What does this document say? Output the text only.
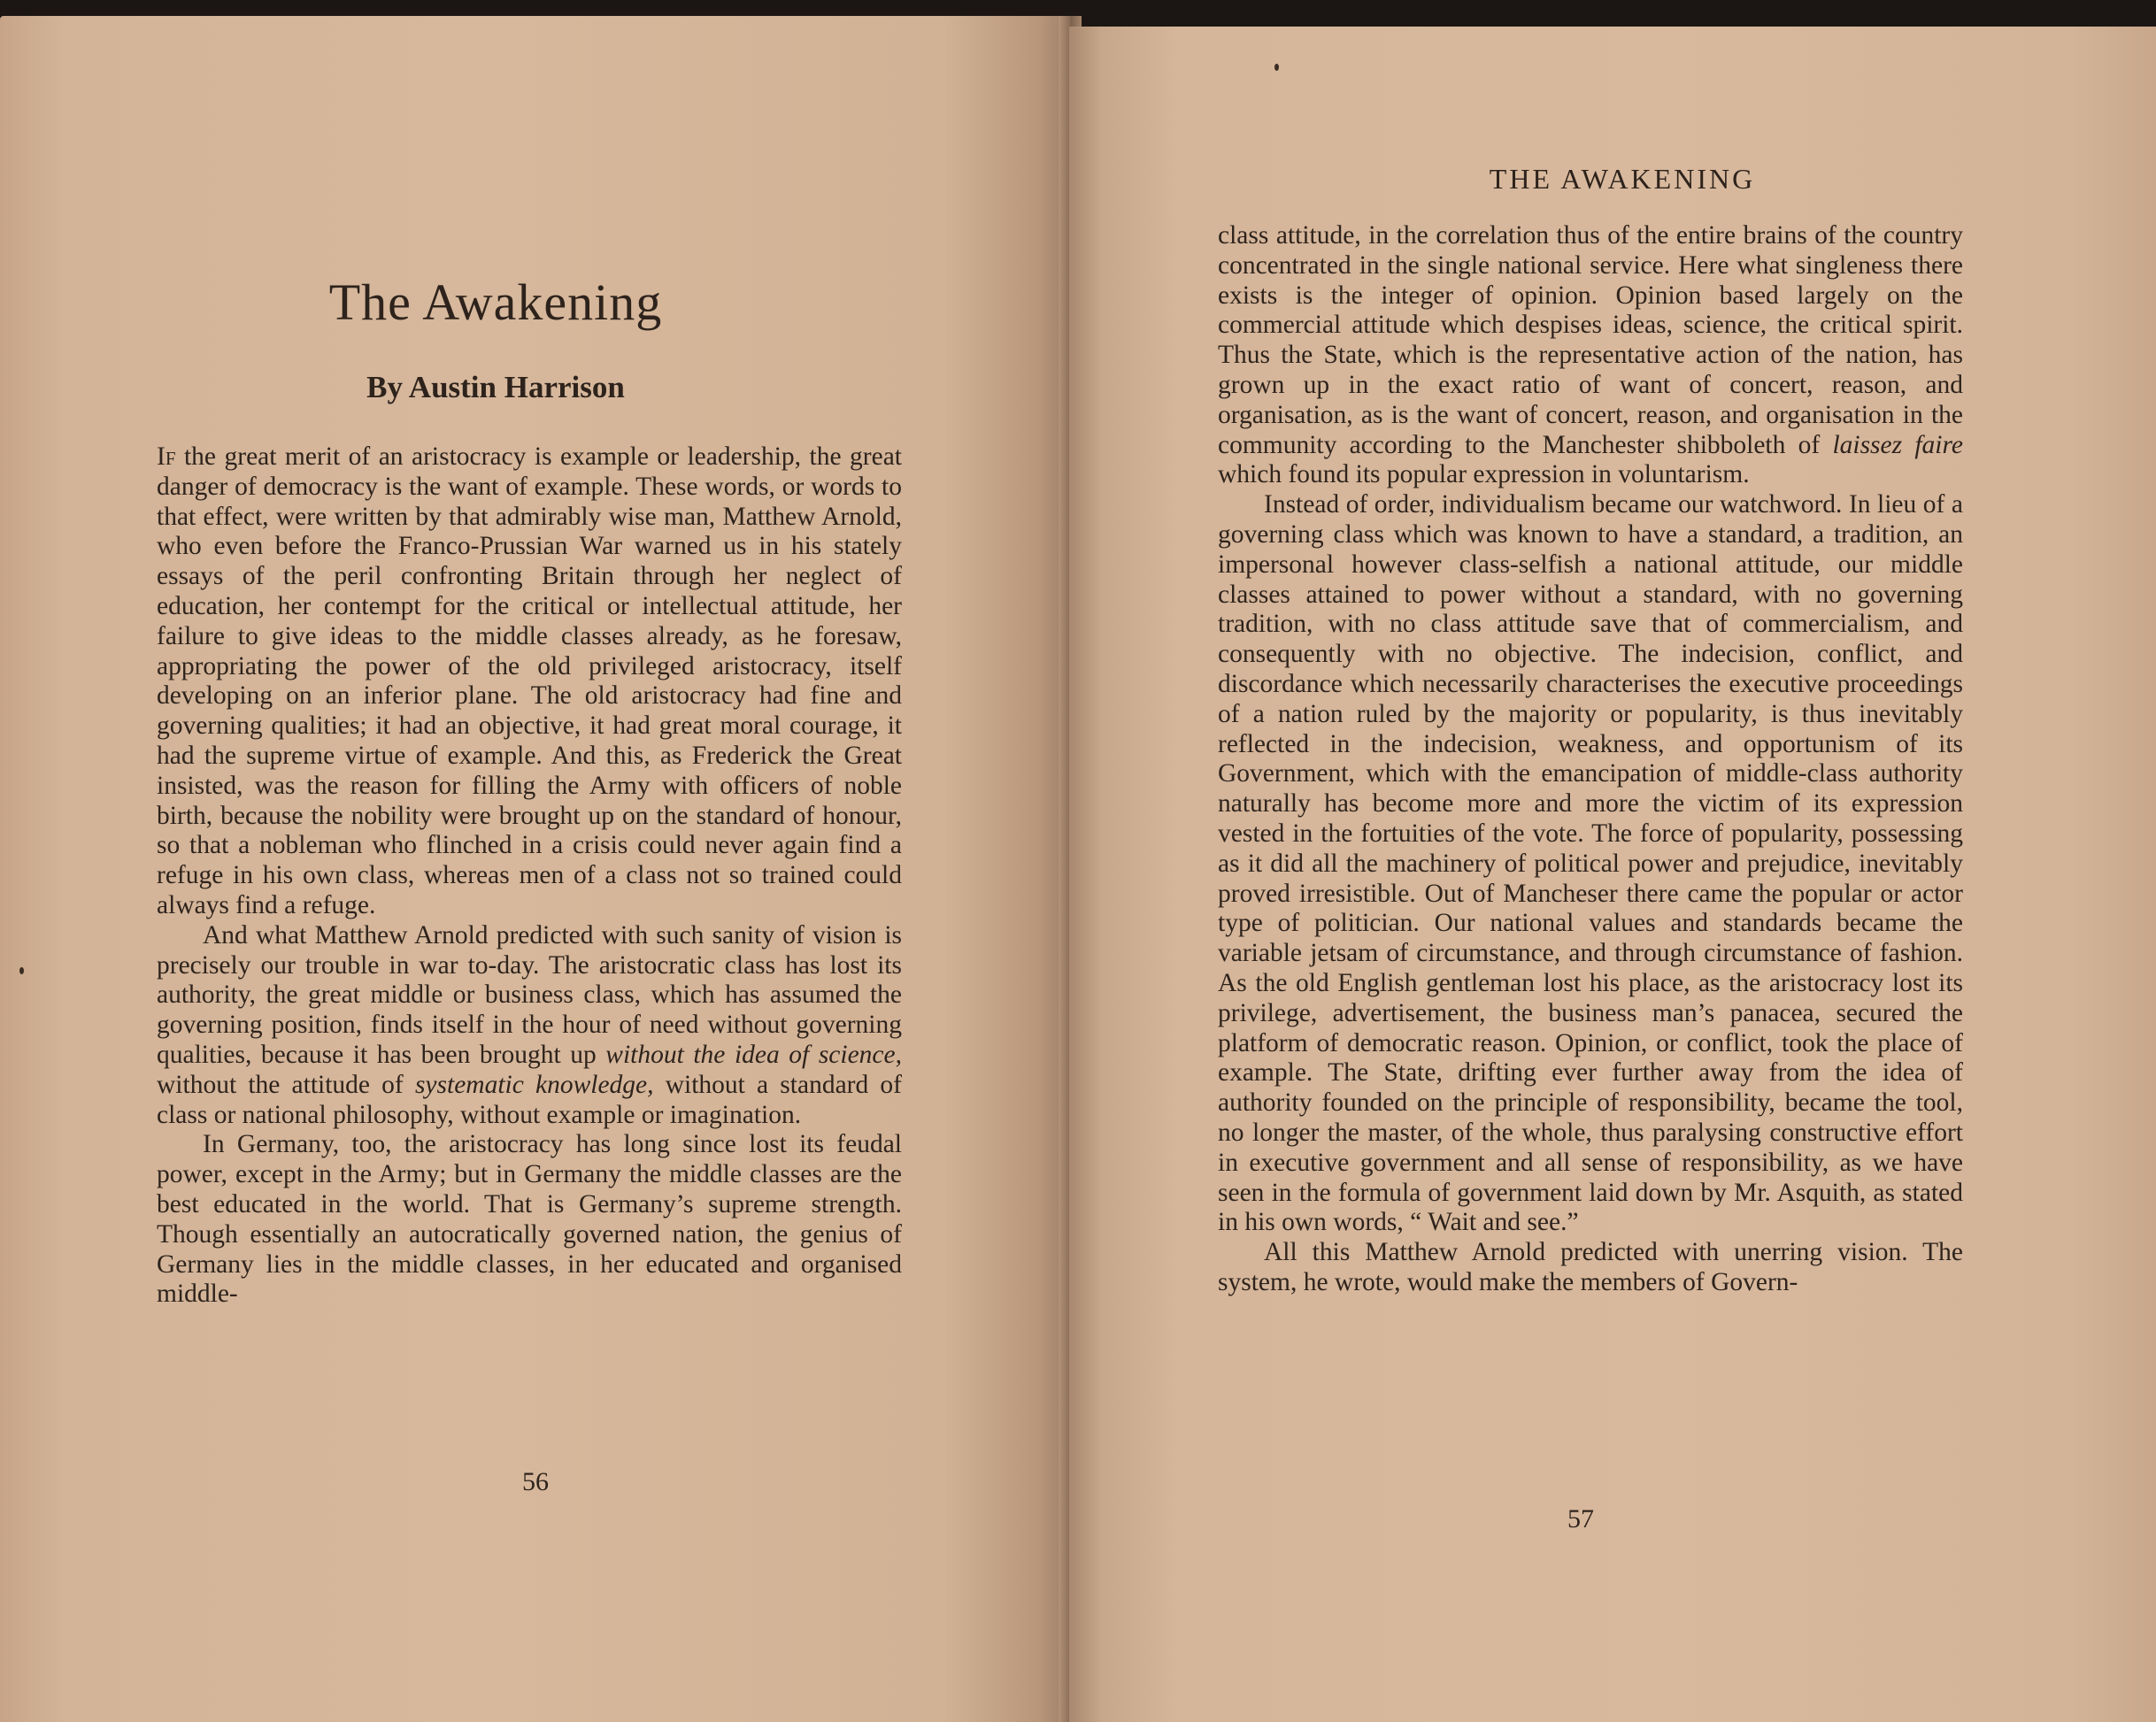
The Awakening
By Austin Harrison

If the great merit of an aristocracy is example or leadership, the great danger of democracy is the want of example. These words, or words to that effect, were written by that admirably wise man, Matthew Arnold, who even before the Franco-Prussian War warned us in his stately essays of the peril confronting Britain through her neglect of education, her contempt for the critical or intellectual attitude, her failure to give ideas to the middle classes already, as he foresaw, appropriating the power of the old privileged aristocracy, itself developing on an inferior plane. The old aristocracy had fine and governing qualities; it had an objective, it had great moral courage, it had the supreme virtue of example. And this, as Frederick the Great insisted, was the reason for filling the Army with officers of noble birth, because the nobility were brought up on the standard of honour, so that a nobleman who flinched in a crisis could never again find a refuge in his own class, whereas men of a class not so trained could always find a refuge.

And what Matthew Arnold predicted with such sanity of vision is precisely our trouble in war to-day. The aristocratic class has lost its authority, the great middle or business class, which has assumed the governing position, finds itself in the hour of need without governing qualities, because it has been brought up without the idea of science, without the attitude of systematic knowledge, without a standard of class or national philosophy, without example or imagination.

In Germany, too, the aristocracy has long since lost its feudal power, except in the Army; but in Germany the middle classes are the best educated in the world. That is Germany’s supreme strength. Though essentially an autocratically governed nation, the genius of Germany lies in the middle classes, in her educated and organised middle-

56
THE AWAKENING

class attitude, in the correlation thus of the entire brains of the country concentrated in the single national service. Here what singleness there exists is the integer of opinion. Opinion based largely on the commercial attitude which despises ideas, science, the critical spirit. Thus the State, which is the representative action of the nation, has grown up in the exact ratio of want of concert, reason, and organisation, as is the want of concert, reason, and organisation in the community according to the Manchester shibboleth of laissez faire which found its popular expression in voluntarism.

Instead of order, individualism became our watchword. In lieu of a governing class which was known to have a standard, a tradition, an impersonal however class-selfish a national attitude, our middle classes attained to power without a standard, with no governing tradition, with no class attitude save that of commercialism, and consequently with no objective. The indecision, conflict, and discordance which necessarily characterises the executive proceedings of a nation ruled by the majority or popularity, is thus inevitably reflected in the indecision, weakness, and opportunism of its Government, which with the emancipation of middle-class authority naturally has become more and more the victim of its expression vested in the fortuities of the vote. The force of popularity, possessing as it did all the machinery of political power and prejudice, inevitably proved irresistible. Out of Mancheser there came the popular or actor type of politician. Our national values and standards became the variable jetsam of circumstance, and through circumstance of fashion. As the old English gentleman lost his place, as the aristocracy lost its privilege, advertisement, the business man’s panacea, secured the platform of democratic reason. Opinion, or conflict, took the place of example. The State, drifting ever further away from the idea of authority founded on the principle of responsibility, became the tool, no longer the master, of the whole, thus paralysing constructive effort in executive government and all sense of responsibility, as we have seen in the formula of government laid down by Mr. Asquith, as stated in his own words, “ Wait and see.”

All this Matthew Arnold predicted with unerring vision. The system, he wrote, would make the members of Govern-

57
